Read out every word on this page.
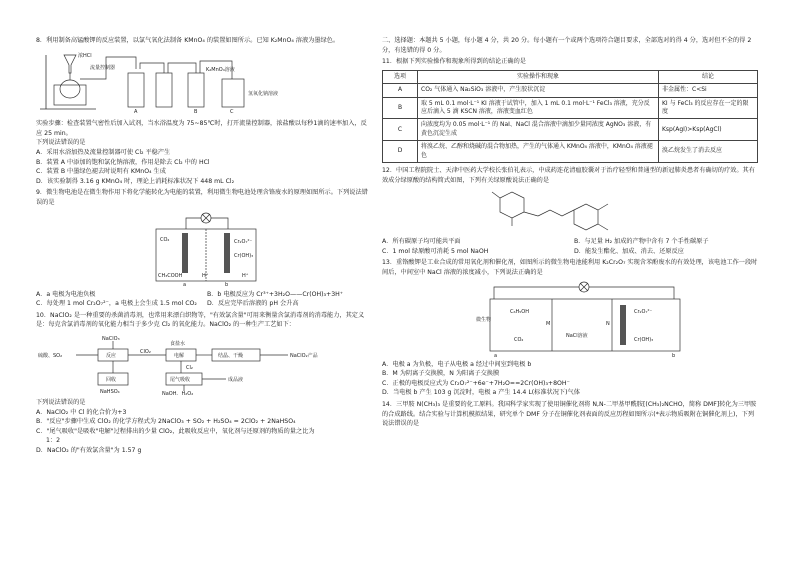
8．利用制备高锰酸钾的反应装置，以氯气氧化法制备 KMnO₄ 的装置如图所示。已知 K₂MnO₄ 溶液为墨绿色。

浓HCl
流量控制器	K₂MnO₄溶液
氢氧化钠溶液
A	B	C

实验步骤：检查装置气密性后加入试剂，当水浴温度为 75~85℃时，打开流量控制器，浓盐酸以每秒1滴的速率加入，反应 25 min。

下列说法错误的是

A．采用水浴加热及流量控制器可使 Cl₂ 平稳产生

B．装置 A 中添加的饱和氯化钠溶液，作用是除去 Cl₂ 中的 HCl

C．装置 B 中墨绿色褪去时说明有 KMnO₄ 生成

D．该实验制得 3.16 g KMnO₄ 时，理论上消耗标准状况下 448 mL Cl₂

9．微生物电池是在微生物作用下将化学能转化为电能的装置，利用微生物电池处理含铬废水的原理如图所示。下列说法错误的是

CO₂
CH₃COOH	H⁺
Cr₂O₇²⁻
Cr(OH)₃
H⁺
a	b

A．a 电极为电池负极	B．b 电极反应为 Cr³⁺+3H₂O——Cr(OH)₃+3H⁺

C．每处理 1 mol Cr₂O₇²⁻，a 电极上会生成 1.5 mol CO₂	D．反应完毕后溶液的 pH 会升高

10．NaClO₂ 是一种重要的杀菌消毒剂，也常用来漂白织物等，"有效氯含量"可用来衡量含氯消毒剂的消毒能力，其定义是：每克含氯消毒剂的氧化能力相当于多少克 Cl₂ 的氧化能力。NaClO₂ 的一种生产工艺如下：

硫酸、SO₂
NaClO₃
反应
ClO₂
食盐水
电解
Cl₂
结晶、干燥	NaClO₂产品
回收
NaHSO₄
尾气吸收	成品液
NaOH、H₂O₂

下列说法错误的是

A．NaClO₂ 中 Cl 的化合价为+3

B．"反应"步骤中生成 ClO₂ 的化学方程式为 2NaClO₃ + SO₂ + H₂SO₄ = 2ClO₂ + 2NaHSO₄

C．"尾气吸收"是吸收"电解"过程排出的少量 ClO₂，此吸收反应中，氧化剂与还原剂的物质的量之比为

1：2

D．NaClO₂ 的"有效氯含量"为 1.57 g

二、选择题：本题共 5 小题，每小题 4 分，共 20 分。每小题有一个或两个选项符合题目要求，全部选对的得 4 分，选对但不全的得 2 分，有选错的得 0 分。

11．根据下列实验操作和现象所得到的结论正确的是

选项	实验操作和现象	结论
A	CO₂ 气体通入 Na₂SiO₃ 溶液中，产生胶状沉淀	非金属性：C<Si
B	取 5 mL 0.1 mol·L⁻¹ KI 溶液于试管中，加入 1 mL 0.1 mol·L⁻¹ FeCl₃ 溶液，充分反应后滴入 5 滴 KSCN 溶液，溶液变血红色	KI 与 FeCl₃ 的反应存在一定的限度
C	向浓度均为 0.05 mol·L⁻¹ 的 NaI、NaCl 混合溶液中滴加少量同浓度 AgNO₃ 溶液，有黄色沉淀生成	Ksp(AgI)>Ksp(AgCl)
D	将溴乙烷、乙醇和烧碱的混合物加热，产生的气体通入 KMnO₄ 溶液中，KMnO₄ 溶液褪色	溴乙烷发生了消去反应

12．中国工程院院士、天津中医药大学校长张伯礼表示，中成药连花清瘟胶囊对于治疗轻型和普通型的新冠肺炎患者有确切的疗效。其有效成分绿原酸的结构简式如图，下列有关绿原酸说法正确的是

A．所有碳原子均可能共平面	B．与足量 H₂ 加成的产物中含有 7 个手性碳原子

C．1 mol 绿原酸可消耗 5 mol NaOH	D．能发生酯化、加成、消去、还原反应

13．重铬酸钾是工业合成的常用氧化剂和催化剂，如图所示的微生物电池能利用 K₂Cr₂O₇ 实现含苯酚废水的有效处理，该电池工作一段时间后，中间室中 NaCl 溶液的浓度减小，下列说法正确的是

微生物
C₆H₅OH
CO₂
M	N
NaCl溶液
Cr₂O₇²⁻
Cr(OH)₃
a	b

A．电极 a 为负极，电子从电极 a 经过中间室到电极 b

B．M 为阴离子交换膜，N 为阳离子交换膜

C．正极的电极反应式为 Cr₂O₇²⁻+6e⁻+7H₂O==2Cr(OH)₃+8OH⁻

D．当电极 b 产生 103 g 沉淀时，电极 a 产生 14.4 L(标准状况下)气体

14．三甲胺 N(CH₃)₃ 是重要的化工原料。我国科学家实现了使用铜催化剂将 N,N-二甲基甲酰胺[(CH₃)₂NCHO，简称 DMF]转化为三甲胺的合成路线。结合实验与计算机模拟结果，研究单个 DMF 分子在铜催化剂表面的反应历程如图所示(*表示物质吸附在铜催化剂上)，下列说法错误的是
